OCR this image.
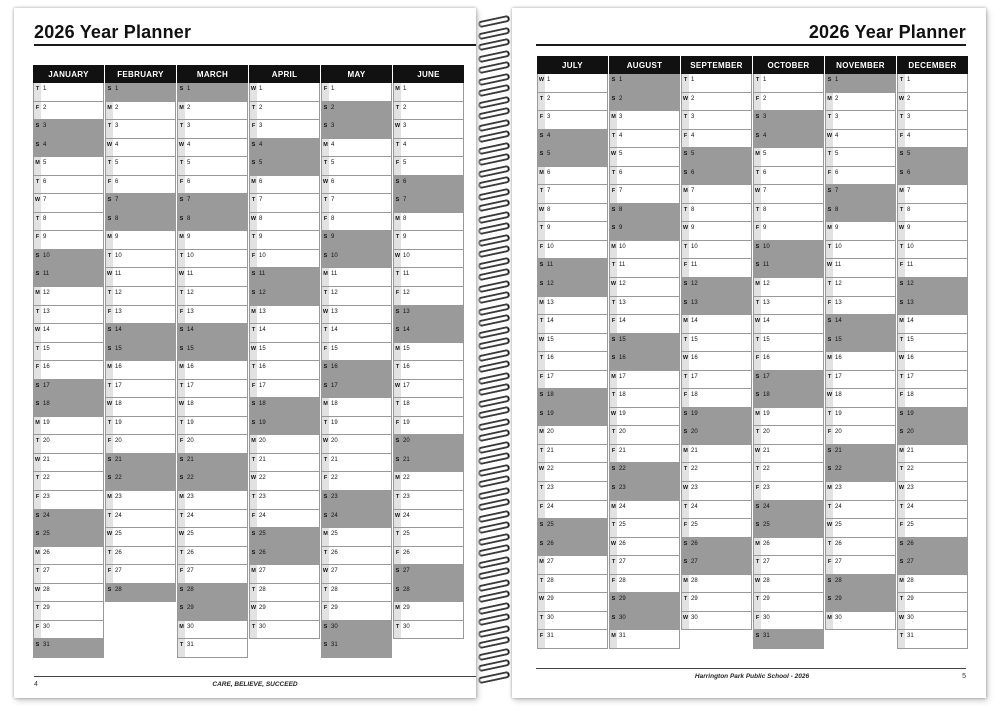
2026 Year Planner
JANUARY
T 1
F 2
S 3
S 4
M 5
T 6
W 7
T 8
F 9
S 10
S 11
M 12
T 13
W 14
T 15
F 16
S 17
S 18
M 19
T 20
W 21
T 22
F 23
S 24
S 25
M 26
T 27
W 28
T 29
F 30
S 31
FEBRUARY
S 1
M 2
T 3
W 4
T 5
F 6
S 7
S 8
M 9
T 10
W 11
T 12
F 13
S 14
S 15
M 16
T 17
W 18
T 19
F 20
S 21
S 22
M 23
T 24
W 25
T 26
F 27
S 28
MARCH
S 1
M 2
T 3
W 4
T 5
F 6
S 7
S 8
M 9
T 10
W 11
T 12
F 13
S 14
S 15
M 16
T 17
W 18
T 19
F 20
S 21
S 22
M 23
T 24
W 25
T 26
F 27
S 28
S 29
M 30
T 31
APRIL
W 1
T 2
F 3
S 4
S 5
M 6
T 7
W 8
T 9
F 10
S 11
S 12
M 13
T 14
W 15
T 16
F 17
S 18
S 19
M 20
T 21
W 22
T 23
F 24
S 25
S 26
M 27
T 28
W 29
T 30
MAY
F 1
S 2
S 3
M 4
T 5
W 6
T 7
F 8
S 9
S 10
M 11
T 12
W 13
T 14
F 15
S 16
S 17
M 18
T 19
W 20
T 21
F 22
S 23
S 24
M 25
T 26
W 27
T 28
F 29
S 30
S 31
JUNE
M 1
T 2
W 3
T 4
F 5
S 6
S 7
M 8
T 9
W 10
T 11
F 12
S 13
S 14
M 15
T 16
W 17
T 18
F 19
S 20
S 21
M 22
T 23
W 24
T 25
F 26
S 27
S 28
M 29
T 30
4	CARE, BELIEVE, SUCCEED
2026 Year Planner
JULY
W 1
T 2
F 3
S 4
S 5
M 6
T 7
W 8
T 9
F 10
S 11
S 12
M 13
T 14
W 15
T 16
F 17
S 18
S 19
M 20
T 21
W 22
T 23
F 24
S 25
S 26
M 27
T 28
W 29
T 30
F 31
AUGUST
S 1
S 2
M 3
T 4
W 5
T 6
F 7
S 8
S 9
M 10
T 11
W 12
T 13
F 14
S 15
S 16
M 17
T 18
W 19
T 20
F 21
S 22
S 23
M 24
T 25
W 26
T 27
F 28
S 29
S 30
M 31
SEPTEMBER
T 1
W 2
T 3
F 4
S 5
S 6
M 7
T 8
W 9
T 10
F 11
S 12
S 13
M 14
T 15
W 16
T 17
F 18
S 19
S 20
M 21
T 22
W 23
T 24
F 25
S 26
S 27
M 28
T 29
W 30
OCTOBER
T 1
F 2
S 3
S 4
M 5
T 6
W 7
T 8
F 9
S 10
S 11
M 12
T 13
W 14
T 15
F 16
S 17
S 18
M 19
T 20
W 21
T 22
F 23
S 24
S 25
M 26
T 27
W 28
T 29
F 30
S 31
NOVEMBER
S 1
M 2
T 3
W 4
T 5
F 6
S 7
S 8
M 9
T 10
W 11
T 12
F 13
S 14
S 15
M 16
T 17
W 18
T 19
F 20
S 21
S 22
M 23
T 24
W 25
T 26
F 27
S 28
S 29
M 30
DECEMBER
T 1
W 2
T 3
F 4
S 5
S 6
M 7
T 8
W 9
T 10
F 11
S 12
S 13
M 14
T 15
W 16
T 17
F 18
S 19
S 20
M 21
T 22
W 23
T 24
F 25
S 26
S 27
M 28
T 29
W 30
T 31
5
Harrington Park Public School - 2026
